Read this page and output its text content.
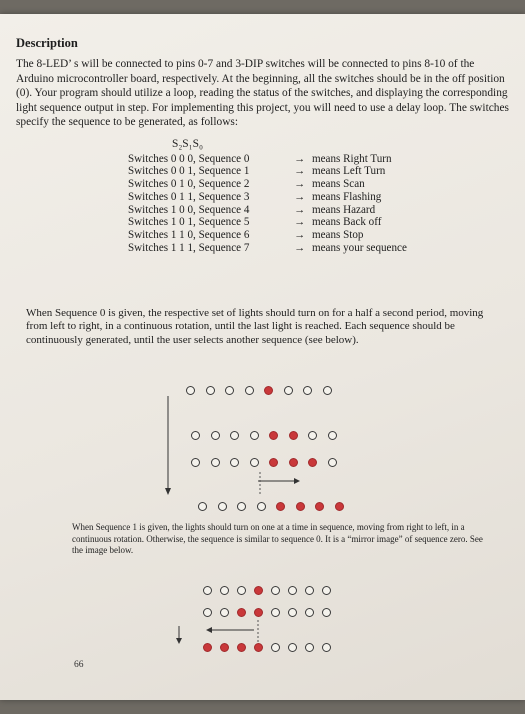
Description

The 8-LED’ s will be connected to pins 0-7 and 3-DIP switches will be connected to pins 8-10 of the Arduino microcontroller board, respectively. At the beginning, all the switches should be in the off position (0). Your program should utilize a loop, reading the status of the switches, and displaying the corresponding light sequence output in step. For implementing this project, you will need to use a delay loop. The switches specify the sequence to be generated, as follows:

S₂S₁S₀
Switches 0 0 0, Sequence 0	→ means Right Turn
Switches 0 0 1, Sequence 1	→ means Left Turn
Switches 0 1 0, Sequence 2	→ means Scan
Switches 0 1 1, Sequence 3	→ means Flashing
Switches 1 0 0, Sequence 4	→ means Hazard
Switches 1 0 1, Sequence 5	→ means Back off
Switches 1 1 0, Sequence 6	→ means Stop
Switches 1 1 1, Sequence 7	→ means your sequence

When Sequence 0 is given, the respective set of lights should turn on for a half a second period, moving from left to right, in a continuous rotation, until the last light is reached. Each sequence should be continuously generated, until the user selects another sequence (see below).

When Sequence 1 is given, the lights should turn on one at a time in sequence, moving from right to left, in a continuous rotation. Otherwise, the sequence is similar to sequence 0. It is a “mirror image” of sequence zero. See the image below.
66
